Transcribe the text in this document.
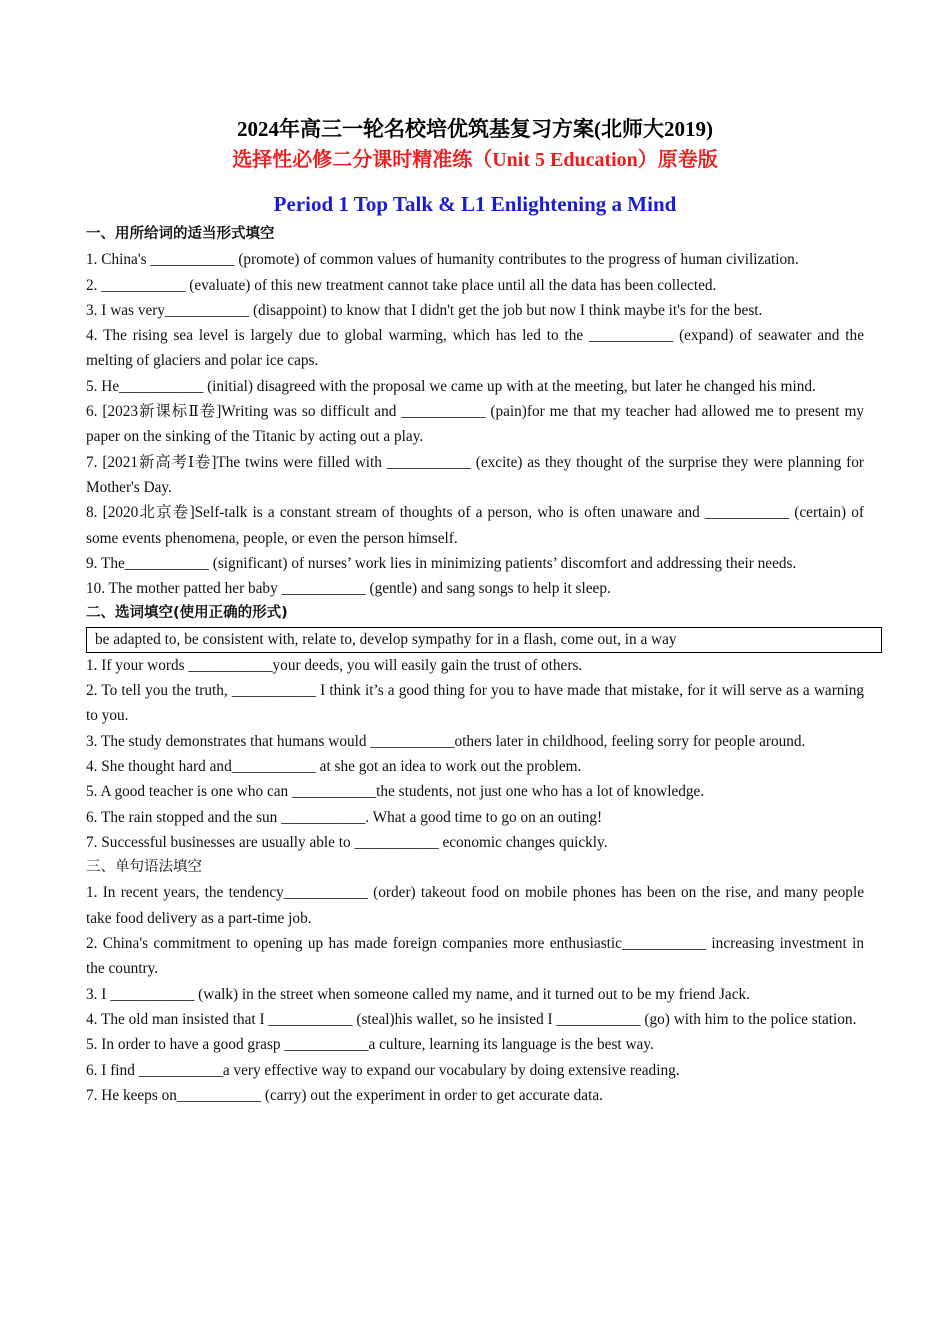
2024年高三一轮名校培优筑基复习方案(北师大2019)
选择性必修二分课时精准练（Unit 5 Education）原卷版
Period 1 Top Talk & L1 Enlightening a Mind
一、用所给词的适当形式填空
1. China's ___________ (promote) of common values of humanity contributes to the progress of human civilization.
2. ___________ (evaluate) of this new treatment cannot take place until all the data has been collected.
3. I was very___________ (disappoint) to know that I didn't get the job but now I think maybe it's for the best.
4. The rising sea level is largely due to global warming, which has led to the ___________ (expand) of seawater and the melting of glaciers and polar ice caps.
5. He___________ (initial) disagreed with the proposal we came up with at the meeting, but later he changed his mind.
6. [2023新课标Ⅱ卷]Writing was so difficult and ___________ (pain)for me that my teacher had allowed me to present my paper on the sinking of the Titanic by acting out a play.
7. [2021新高考Ⅰ卷]The twins were filled with ___________ (excite) as they thought of the surprise they were planning for Mother's Day.
8. [2020北京卷]Self-talk is a constant stream of thoughts of a person, who is often unaware and ___________ (certain) of some events phenomena, people, or even the person himself.
9. The___________ (significant) of nurses’ work lies in minimizing patients’ discomfort and addressing their needs.
10. The mother patted her baby ___________ (gentle) and sang songs to help it sleep.
二、选词填空(使用正确的形式)
be adapted to, be consistent with, relate to, develop sympathy for in a flash, come out, in a way
1. If your words ___________your deeds, you will easily gain the trust of others.
2. To tell you the truth, ___________ I think it’s a good thing for you to have made that mistake, for it will serve as a warning to you.
3. The study demonstrates that humans would ___________others later in childhood, feeling sorry for people around.
4. She thought hard and___________ at she got an idea to work out the problem.
5. A good teacher is one who can ___________the students, not just one who has a lot of knowledge.
6. The rain stopped and the sun ___________. What a good time to go on an outing!
7. Successful businesses are usually able to ___________ economic changes quickly.
三、单句语法填空
1. In recent years, the tendency___________ (order) takeout food on mobile phones has been on the rise, and many people take food delivery as a part-time job.
2. China's commitment to opening up has made foreign companies more enthusiastic___________ increasing investment in the country.
3. I ___________ (walk) in the street when someone called my name, and it turned out to be my friend Jack.
4. The old man insisted that I ___________ (steal)his wallet, so he insisted I ___________ (go) with him to the police station.
5. In order to have a good grasp ___________a culture, learning its language is the best way.
6. I find ___________a very effective way to expand our vocabulary by doing extensive reading.
7. He keeps on___________ (carry) out the experiment in order to get accurate data.
